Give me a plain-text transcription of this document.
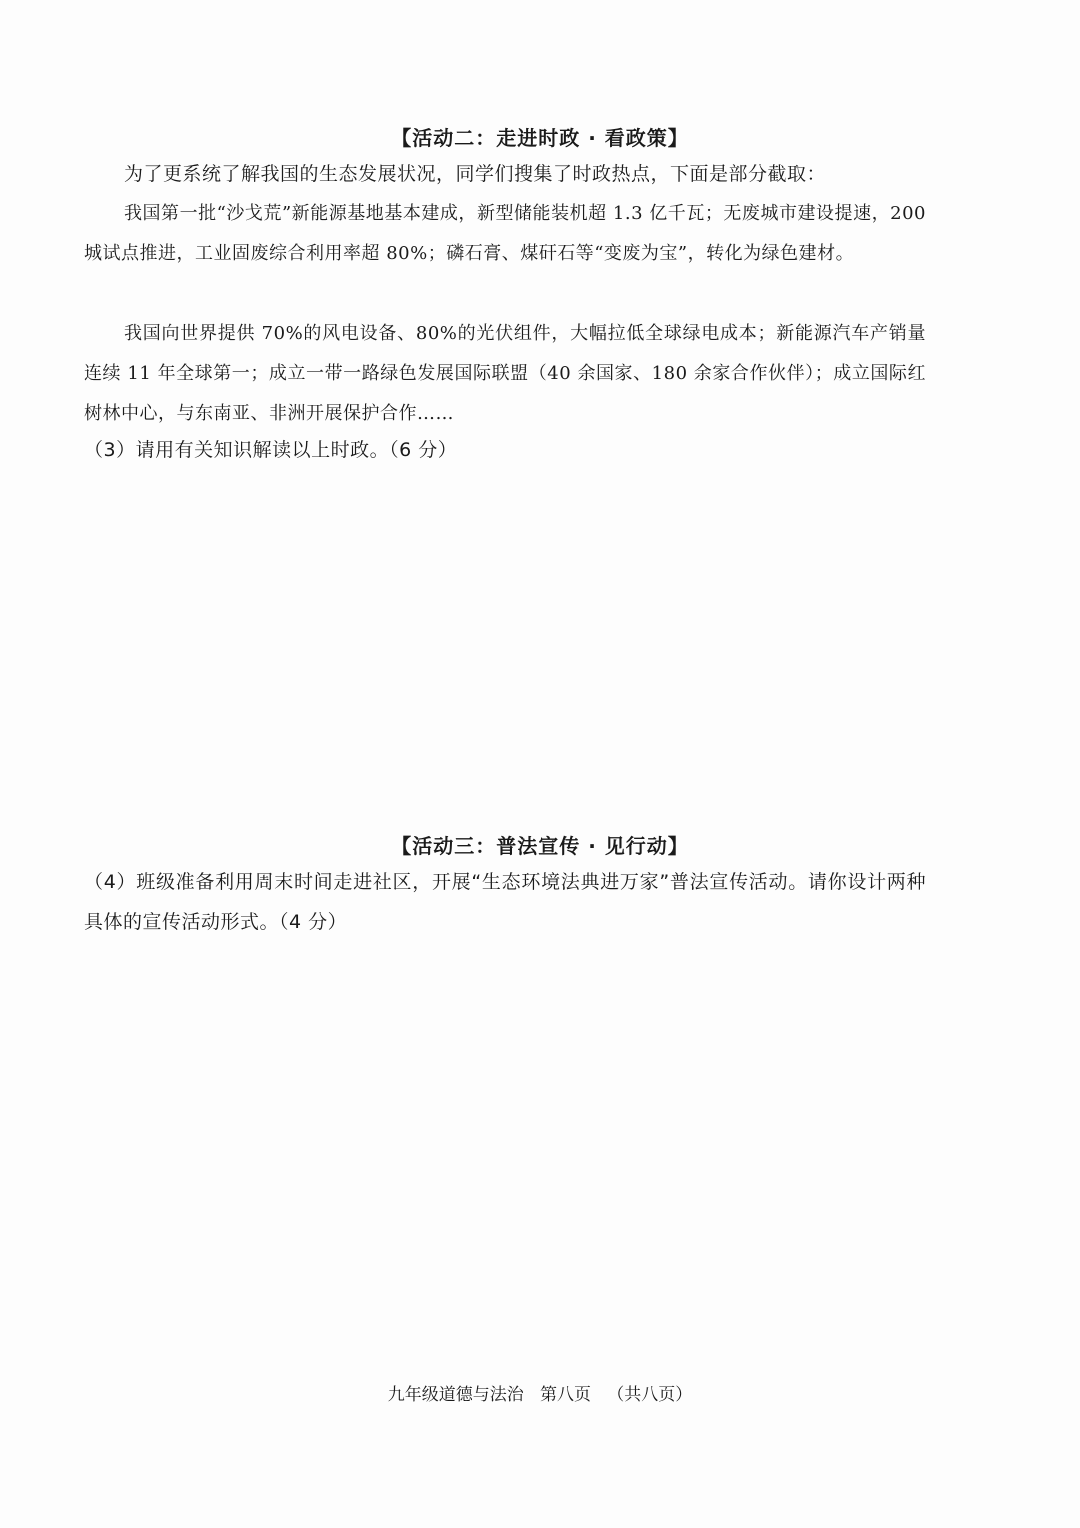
【活动二：走进时政 · 看政策】
为了更系统了解我国的生态发展状况，同学们搜集了时政热点，下面是部分截取：
我国第一批“沙戈荒”新能源基地基本建成，新型储能装机超 1.3 亿千瓦；无废城市建设提速，200 城试点推进，工业固废综合利用率超 80%；磷石膏、煤矸石等“变废为宝”，转化为绿色建材。
我国向世界提供 70%的风电设备、80%的光伏组件，大幅拉低全球绿电成本；新能源汽车产销量连续 11 年全球第一；成立一带一路绿色发展国际联盟（40 余国家、180 余家合作伙伴）；成立国际红树林中心，与东南亚、非洲开展保护合作……
（3）请用有关知识解读以上时政。（6 分）
【活动三：普法宣传 · 见行动】
（4）班级准备利用周末时间走进社区，开展“生态环境法典进万家”普法宣传活动。请你设计两种具体的宣传活动形式。（4 分）
九年级道德与法治   第八页   （共八页）
